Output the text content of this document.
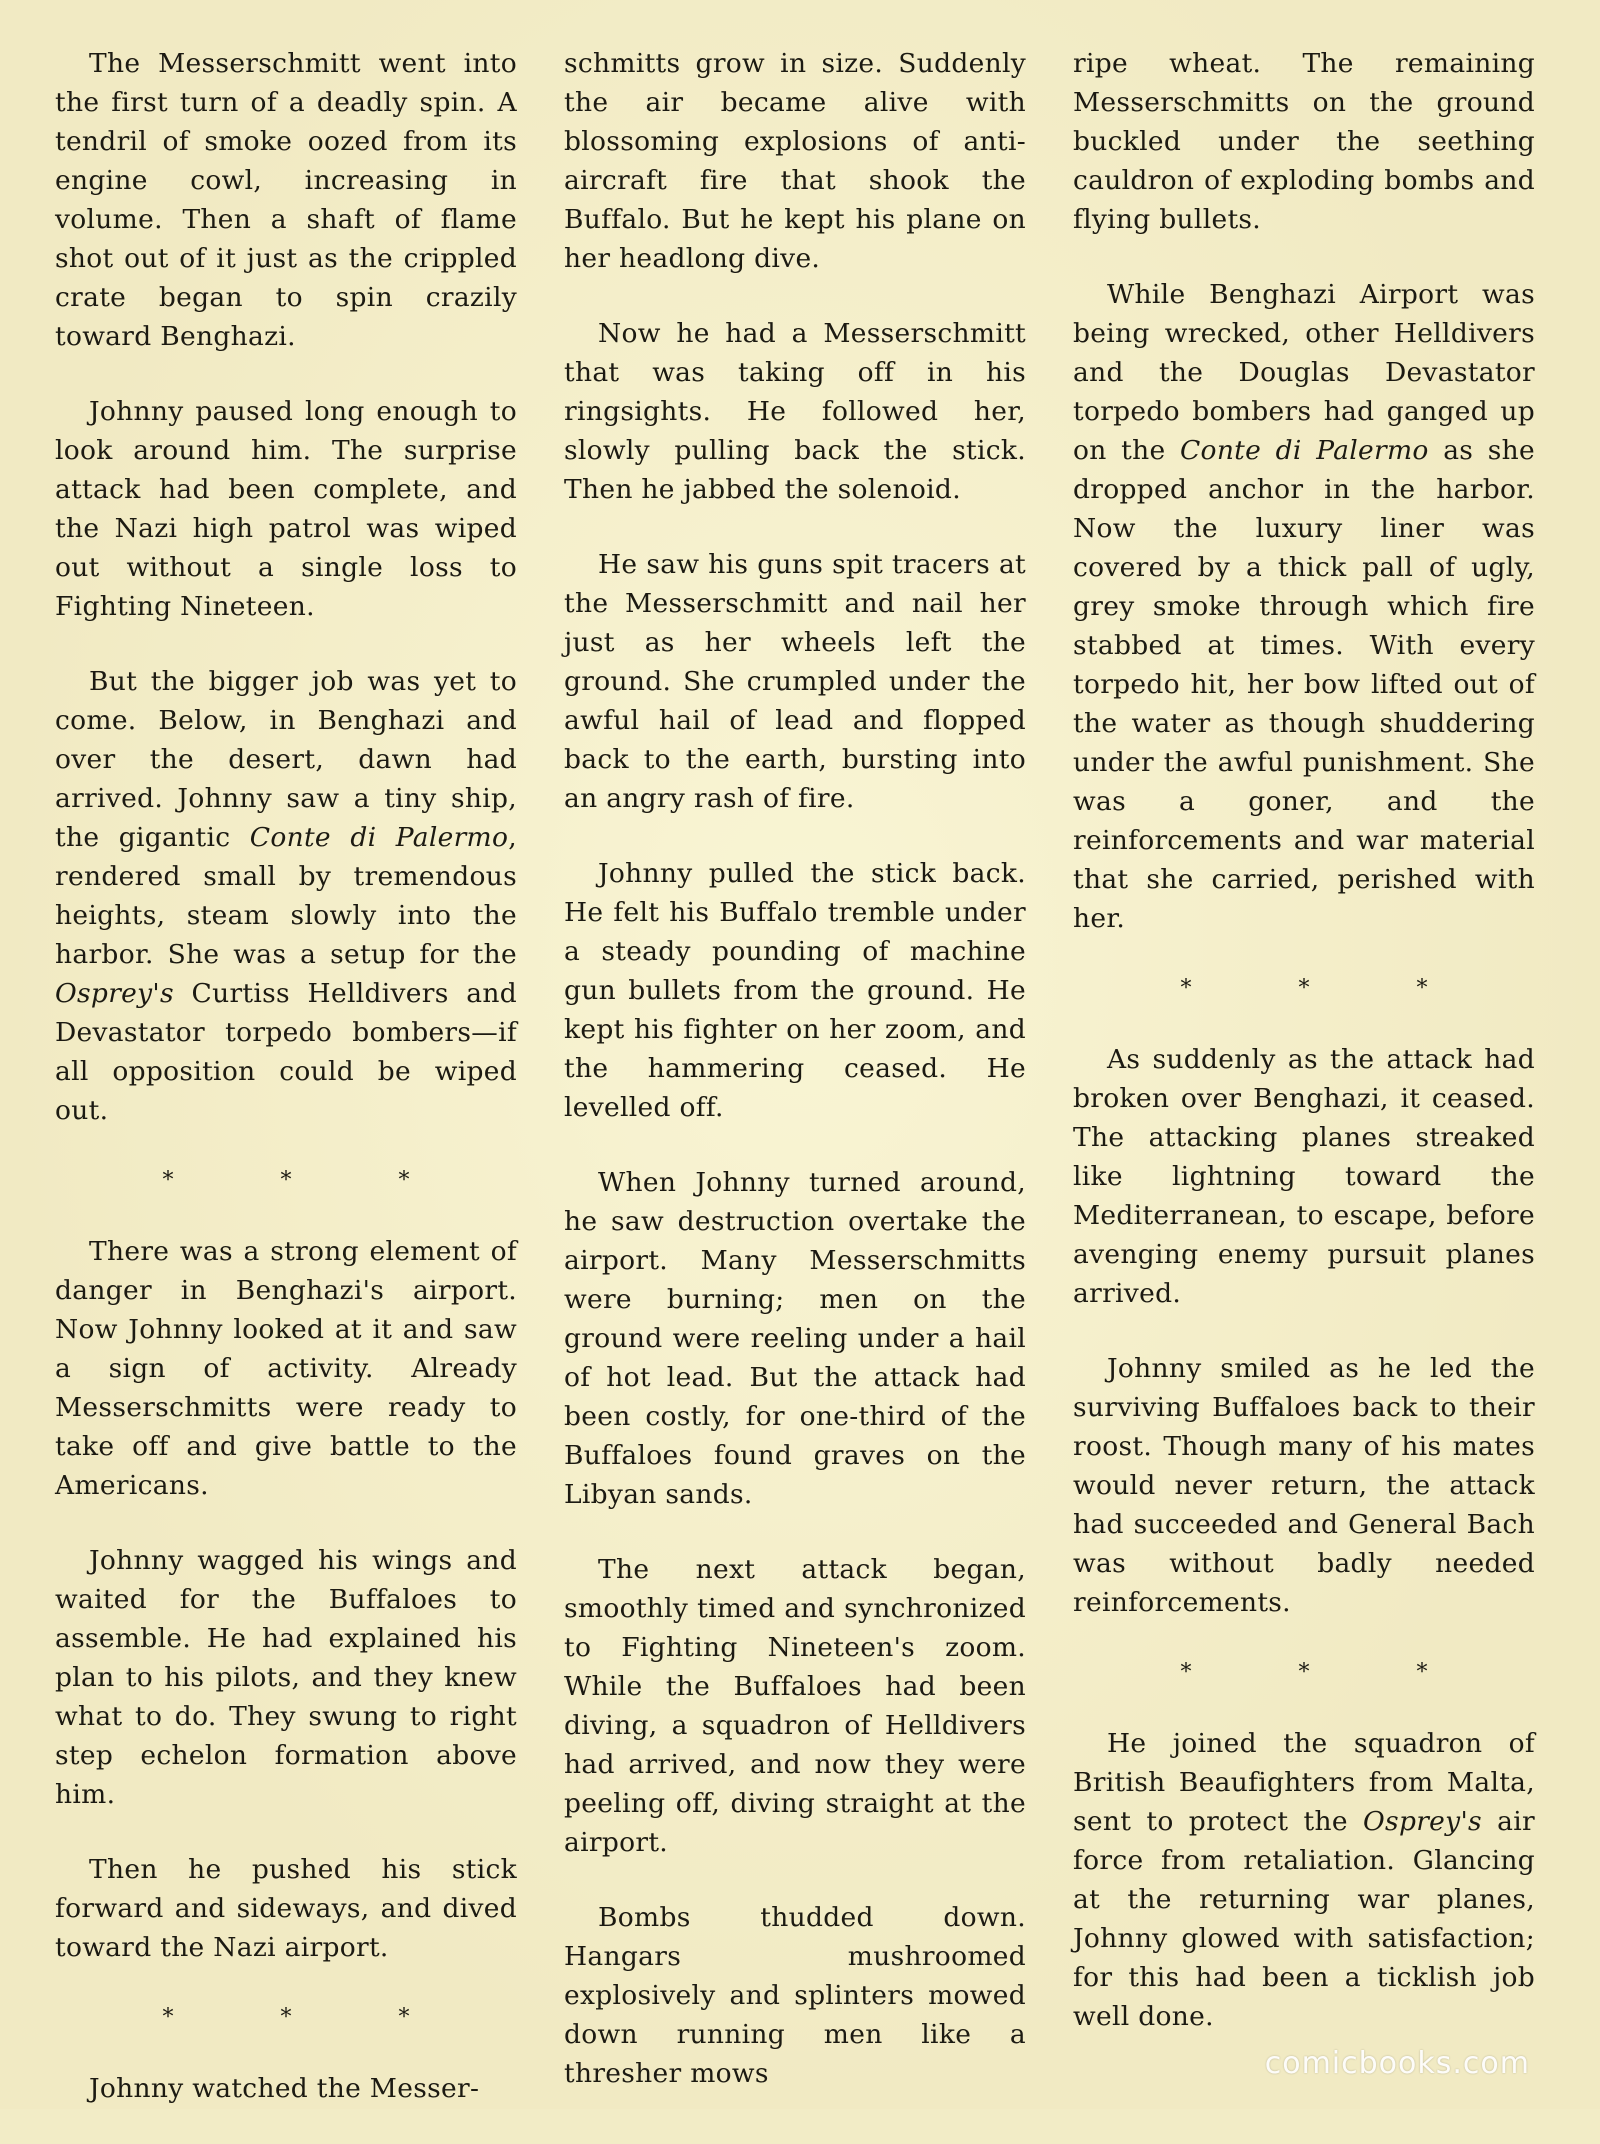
The Messerschmitt went into the first turn of a deadly spin. A tendril of smoke oozed from its engine cowl, increasing in volume. Then a shaft of flame shot out of it just as the crippled crate began to spin crazily toward Benghazi.

Johnny paused long enough to look around him. The surprise attack had been complete, and the Nazi high patrol was wiped out without a single loss to Fighting Nineteen.

But the bigger job was yet to come. Below, in Benghazi and over the desert, dawn had arrived. Johnny saw a tiny ship, the gigantic Conte di Palermo, rendered small by tremendous heights, steam slowly into the harbor. She was a setup for the Osprey's Curtiss Helldivers and Devastator torpedo bombers—if all opposition could be wiped out.

* * *

There was a strong element of danger in Benghazi's airport. Now Johnny looked at it and saw a sign of activity. Already Messerschmitts were ready to take off and give battle to the Americans.

Johnny wagged his wings and waited for the Buffaloes to assemble. He had explained his plan to his pilots, and they knew what to do. They swung to right step echelon formation above him.

Then he pushed his stick forward and sideways, and dived toward the Nazi airport.

* * *

Johnny watched the Messer-

schmitts grow in size. Suddenly the air became alive with blossoming explosions of anti-aircraft fire that shook the Buffalo. But he kept his plane on her headlong dive.

Now he had a Messerschmitt that was taking off in his ringsights. He followed her, slowly pulling back the stick. Then he jabbed the solenoid.

He saw his guns spit tracers at the Messerschmitt and nail her just as her wheels left the ground. She crumpled under the awful hail of lead and flopped back to the earth, bursting into an angry rash of fire.

Johnny pulled the stick back. He felt his Buffalo tremble under a steady pounding of machine gun bullets from the ground. He kept his fighter on her zoom, and the hammering ceased. He levelled off.

When Johnny turned around, he saw destruction overtake the airport. Many Messerschmitts were burning; men on the ground were reeling under a hail of hot lead. But the attack had been costly, for one-third of the Buffaloes found graves on the Libyan sands.

The next attack began, smoothly timed and synchronized to Fighting Nineteen's zoom. While the Buffaloes had been diving, a squadron of Helldivers had arrived, and now they were peeling off, diving straight at the airport.

Bombs thudded down. Hangars mushroomed explosively and splinters mowed down running men like a thresher mows

ripe wheat. The remaining Messerschmitts on the ground buckled under the seething cauldron of exploding bombs and flying bullets.

While Benghazi Airport was being wrecked, other Helldivers and the Douglas Devastator torpedo bombers had ganged up on the Conte di Palermo as she dropped anchor in the harbor. Now the luxury liner was covered by a thick pall of ugly, grey smoke through which fire stabbed at times. With every torpedo hit, her bow lifted out of the water as though shuddering under the awful punishment. She was a goner, and the reinforcements and war material that she carried, perished with her.

* * *

As suddenly as the attack had broken over Benghazi, it ceased. The attacking planes streaked like lightning toward the Mediterranean, to escape, before avenging enemy pursuit planes arrived.

Johnny smiled as he led the surviving Buffaloes back to their roost. Though many of his mates would never return, the attack had succeeded and General Bach was without badly needed reinforcements.

* * *

He joined the squadron of British Beaufighters from Malta, sent to protect the Osprey's air force from retaliation. Glancing at the returning war planes, Johnny glowed with satisfaction; for this had been a ticklish job well done.

comicbooks.com
